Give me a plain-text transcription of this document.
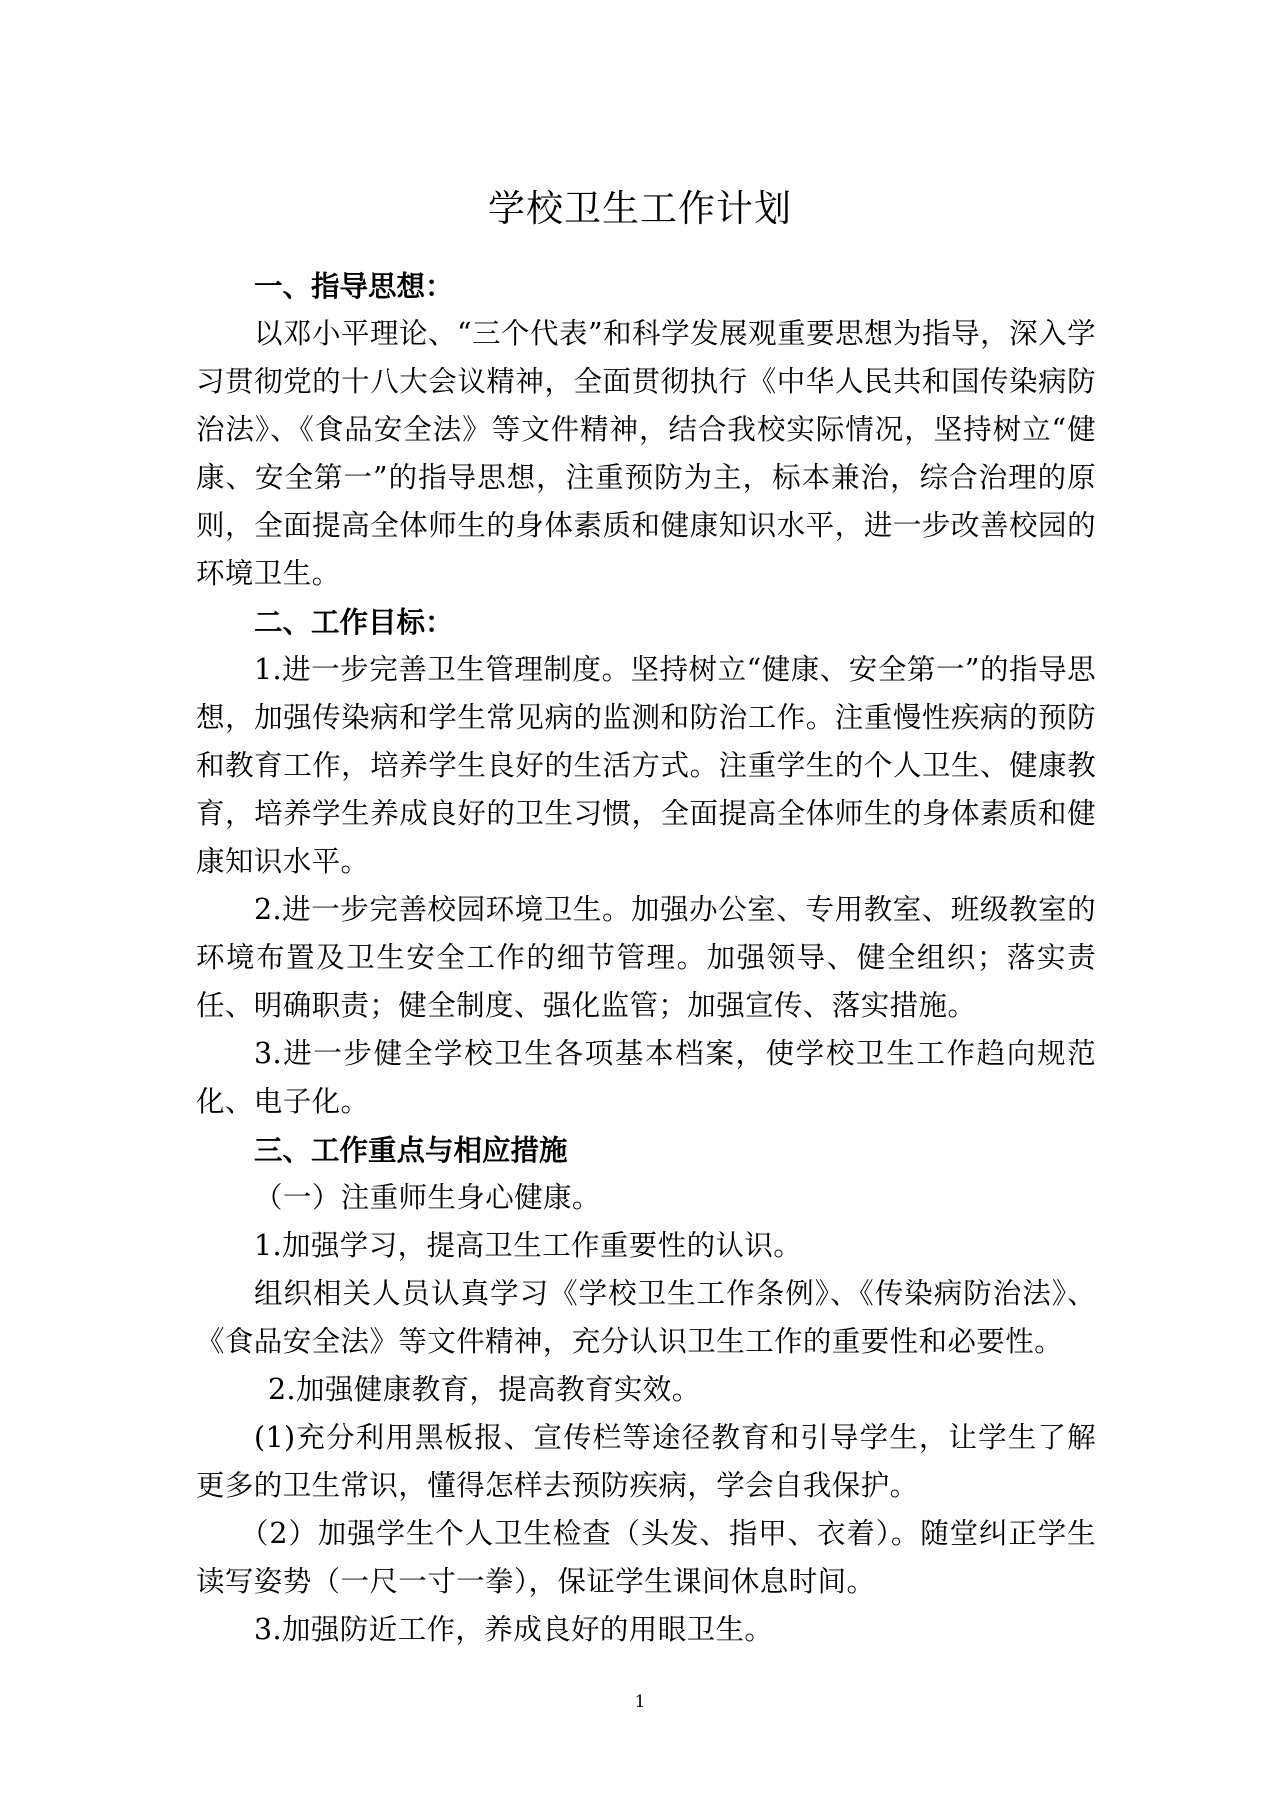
学校卫生工作计划

一、指导思想：

以邓小平理论、“三个代表”和科学发展观重要思想为指导，深入学习贯彻党的十八大会议精神，全面贯彻执行《中华人民共和国传染病防治法》、《食品安全法》等文件精神，结合我校实际情况，坚持树立“健康、安全第一”的指导思想，注重预防为主，标本兼治，综合治理的原则，全面提高全体师生的身体素质和健康知识水平，进一步改善校园的环境卫生。

二、工作目标：

1.进一步完善卫生管理制度。坚持树立“健康、安全第一”的指导思想，加强传染病和学生常见病的监测和防治工作。注重慢性疾病的预防和教育工作，培养学生良好的生活方式。注重学生的个人卫生、健康教育，培养学生养成良好的卫生习惯，全面提高全体师生的身体素质和健康知识水平。

2.进一步完善校园环境卫生。加强办公室、专用教室、班级教室的环境布置及卫生安全工作的细节管理。加强领导、健全组织；落实责任、明确职责；健全制度、强化监管；加强宣传、落实措施。

3.进一步健全学校卫生各项基本档案，使学校卫生工作趋向规范化、电子化。

三、工作重点与相应措施

（一）注重师生身心健康。

1.加强学习，提高卫生工作重要性的认识。

组织相关人员认真学习《学校卫生工作条例》、《传染病防治法》、《食品安全法》等文件精神，充分认识卫生工作的重要性和必要性。

2.加强健康教育，提高教育实效。

(1)充分利用黑板报、宣传栏等途径教育和引导学生，让学生了解更多的卫生常识，懂得怎样去预防疾病，学会自我保护。

（2）加强学生个人卫生检查（头发、指甲、衣着）。随堂纠正学生读写姿势（一尺一寸一拳），保证学生课间休息时间。

3.加强防近工作，养成良好的用眼卫生。

1
